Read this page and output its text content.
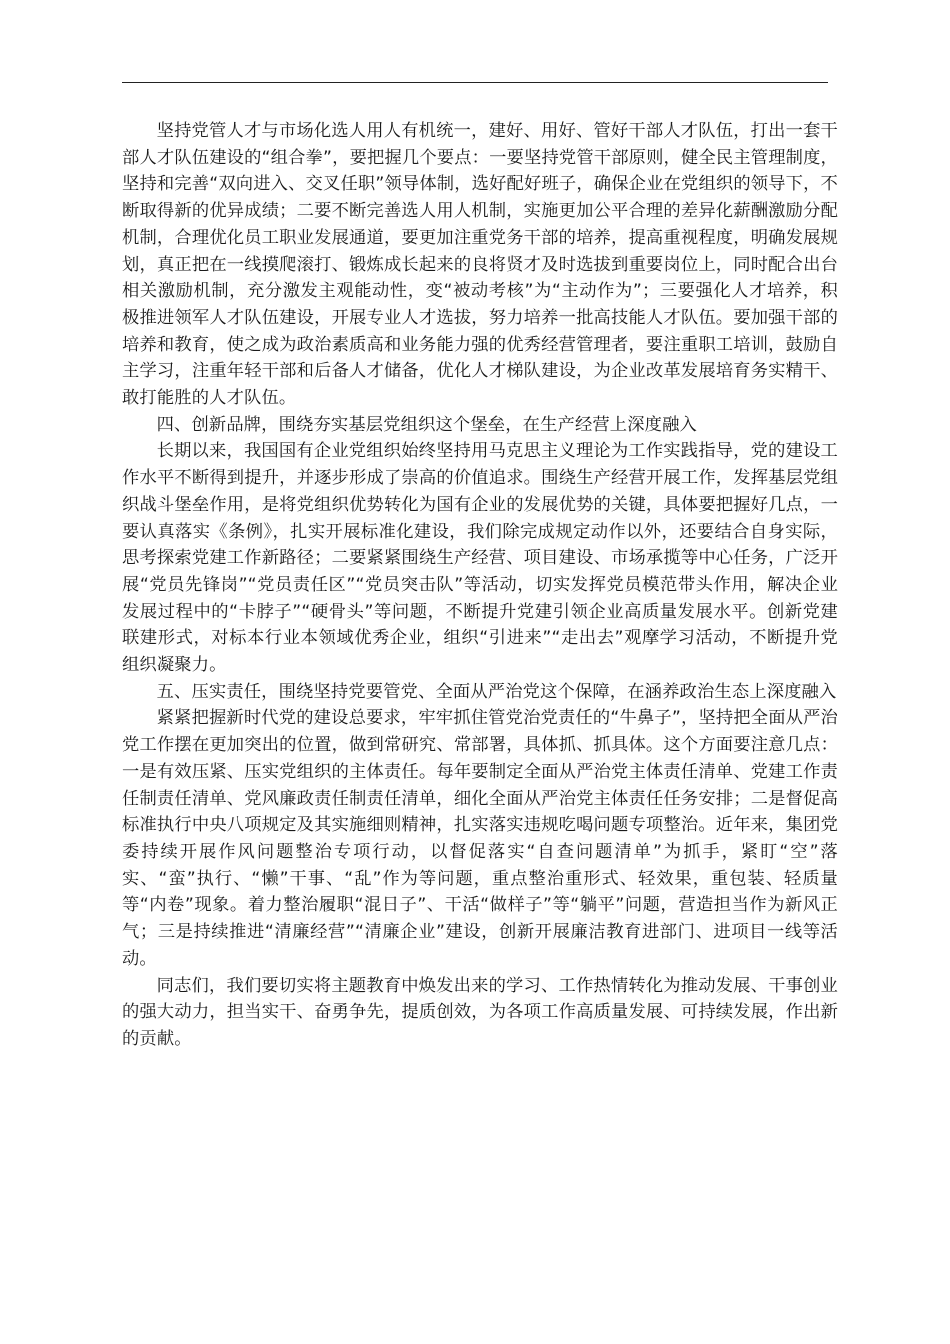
坚持党管人才与市场化选人用人有机统一，建好、用好、管好干部人才队伍，打出一套干部人才队伍建设的“组合拳”，要把握几个要点：一要坚持党管干部原则，健全民主管理制度，坚持和完善“双向进入、交叉任职”领导体制，选好配好班子，确保企业在党组织的领导下，不断取得新的优异成绩；二要不断完善选人用人机制，实施更加公平合理的差异化薪酬激励分配机制，合理优化员工职业发展通道，要更加注重党务干部的培养，提高重视程度，明确发展规划，真正把在一线摸爬滚打、锻炼成长起来的良将贤才及时选拔到重要岗位上，同时配合出台相关激励机制，充分激发主观能动性，变“被动考核”为“主动作为”；三要强化人才培养，积极推进领军人才队伍建设，开展专业人才选拔，努力培养一批高技能人才队伍。要加强干部的培养和教育，使之成为政治素质高和业务能力强的优秀经营管理者，要注重职工培训，鼓励自主学习，注重年轻干部和后备人才储备，优化人才梯队建设，为企业改革发展培育务实精干、敢打能胜的人才队伍。

四、创新品牌，围绕夯实基层党组织这个堡垒，在生产经营上深度融入

长期以来，我国国有企业党组织始终坚持用马克思主义理论为工作实践指导，党的建设工作水平不断得到提升，并逐步形成了崇高的价值追求。围绕生产经营开展工作，发挥基层党组织战斗堡垒作用，是将党组织优势转化为国有企业的发展优势的关键，具体要把握好几点，一要认真落实《条例》，扎实开展标准化建设，我们除完成规定动作以外，还要结合自身实际，思考探索党建工作新路径；二要紧紧围绕生产经营、项目建设、市场承揽等中心任务，广泛开展“党员先锋岗”“党员责任区”“党员突击队”等活动，切实发挥党员模范带头作用，解决企业发展过程中的“卡脖子”“硬骨头”等问题，不断提升党建引领企业高质量发展水平。创新党建联建形式，对标本行业本领域优秀企业，组织“引进来”“走出去”观摩学习活动，不断提升党组织凝聚力。

五、压实责任，围绕坚持党要管党、全面从严治党这个保障，在涵养政治生态上深度融入

紧紧把握新时代党的建设总要求，牢牢抓住管党治党责任的“牛鼻子”，坚持把全面从严治党工作摆在更加突出的位置，做到常研究、常部署，具体抓、抓具体。这个方面要注意几点：一是有效压紧、压实党组织的主体责任。每年要制定全面从严治党主体责任清单、党建工作责任制责任清单、党风廉政责任制责任清单，细化全面从严治党主体责任任务安排；二是督促高标准执行中央八项规定及其实施细则精神，扎实落实违规吃喝问题专项整治。近年来，集团党委持续开展作风问题整治专项行动，以督促落实“自查问题清单”为抓手，紧盯“空”落实、“蛮”执行、“懒”干事、“乱”作为等问题，重点整治重形式、轻效果，重包装、轻质量等“内卷”现象。着力整治履职“混日子”、干活“做样子”等“躺平”问题，营造担当作为新风正气；三是持续推进“清廉经营”“清廉企业”建设，创新开展廉洁教育进部门、进项目一线等活动。

同志们，我们要切实将主题教育中焕发出来的学习、工作热情转化为推动发展、干事创业的强大动力，担当实干、奋勇争先，提质创效，为各项工作高质量发展、可持续发展，作出新的贡献。
